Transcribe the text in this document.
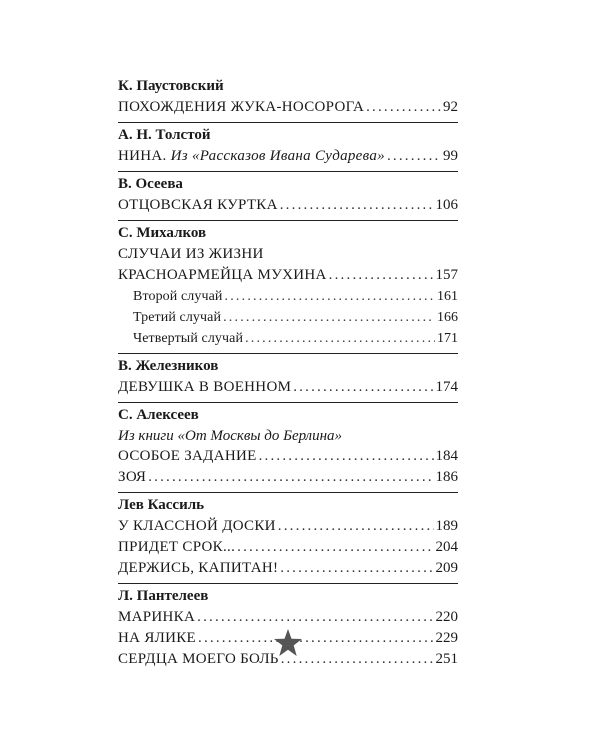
К. Паустовский
ПОХОЖДЕНИЯ ЖУКА-НОСОРОГА .....	92
А. Н. Толстой
НИНА. Из «Рассказов Ивана Сударева» .....	99
В. Осеева
ОТЦОВСКАЯ КУРТКА .....	106
С. Михалков
СЛУЧАИ ИЗ ЖИЗНИ
КРАСНОАРМЕЙЦА МУХИНА .....	157
Второй случай .....	161
Третий случай .....	166
Четвертый случай .....	171
В. Железников
ДЕВУШКА В ВОЕННОМ .....	174
С. Алексеев
Из книги «От Москвы до Берлина»
ОСОБОЕ ЗАДАНИЕ .....	184
ЗОЯ .....	186
Лев Кассиль
У КЛАССНОЙ ДОСКИ .....	189
ПРИДЕТ СРОК... .....	204
ДЕРЖИСЬ, КАПИТАН! .....	209
Л. Пантелеев
МАРИНКА .....	220
НА ЯЛИКЕ .....	229
СЕРДЦА МОЕГО БОЛЬ .....	251
